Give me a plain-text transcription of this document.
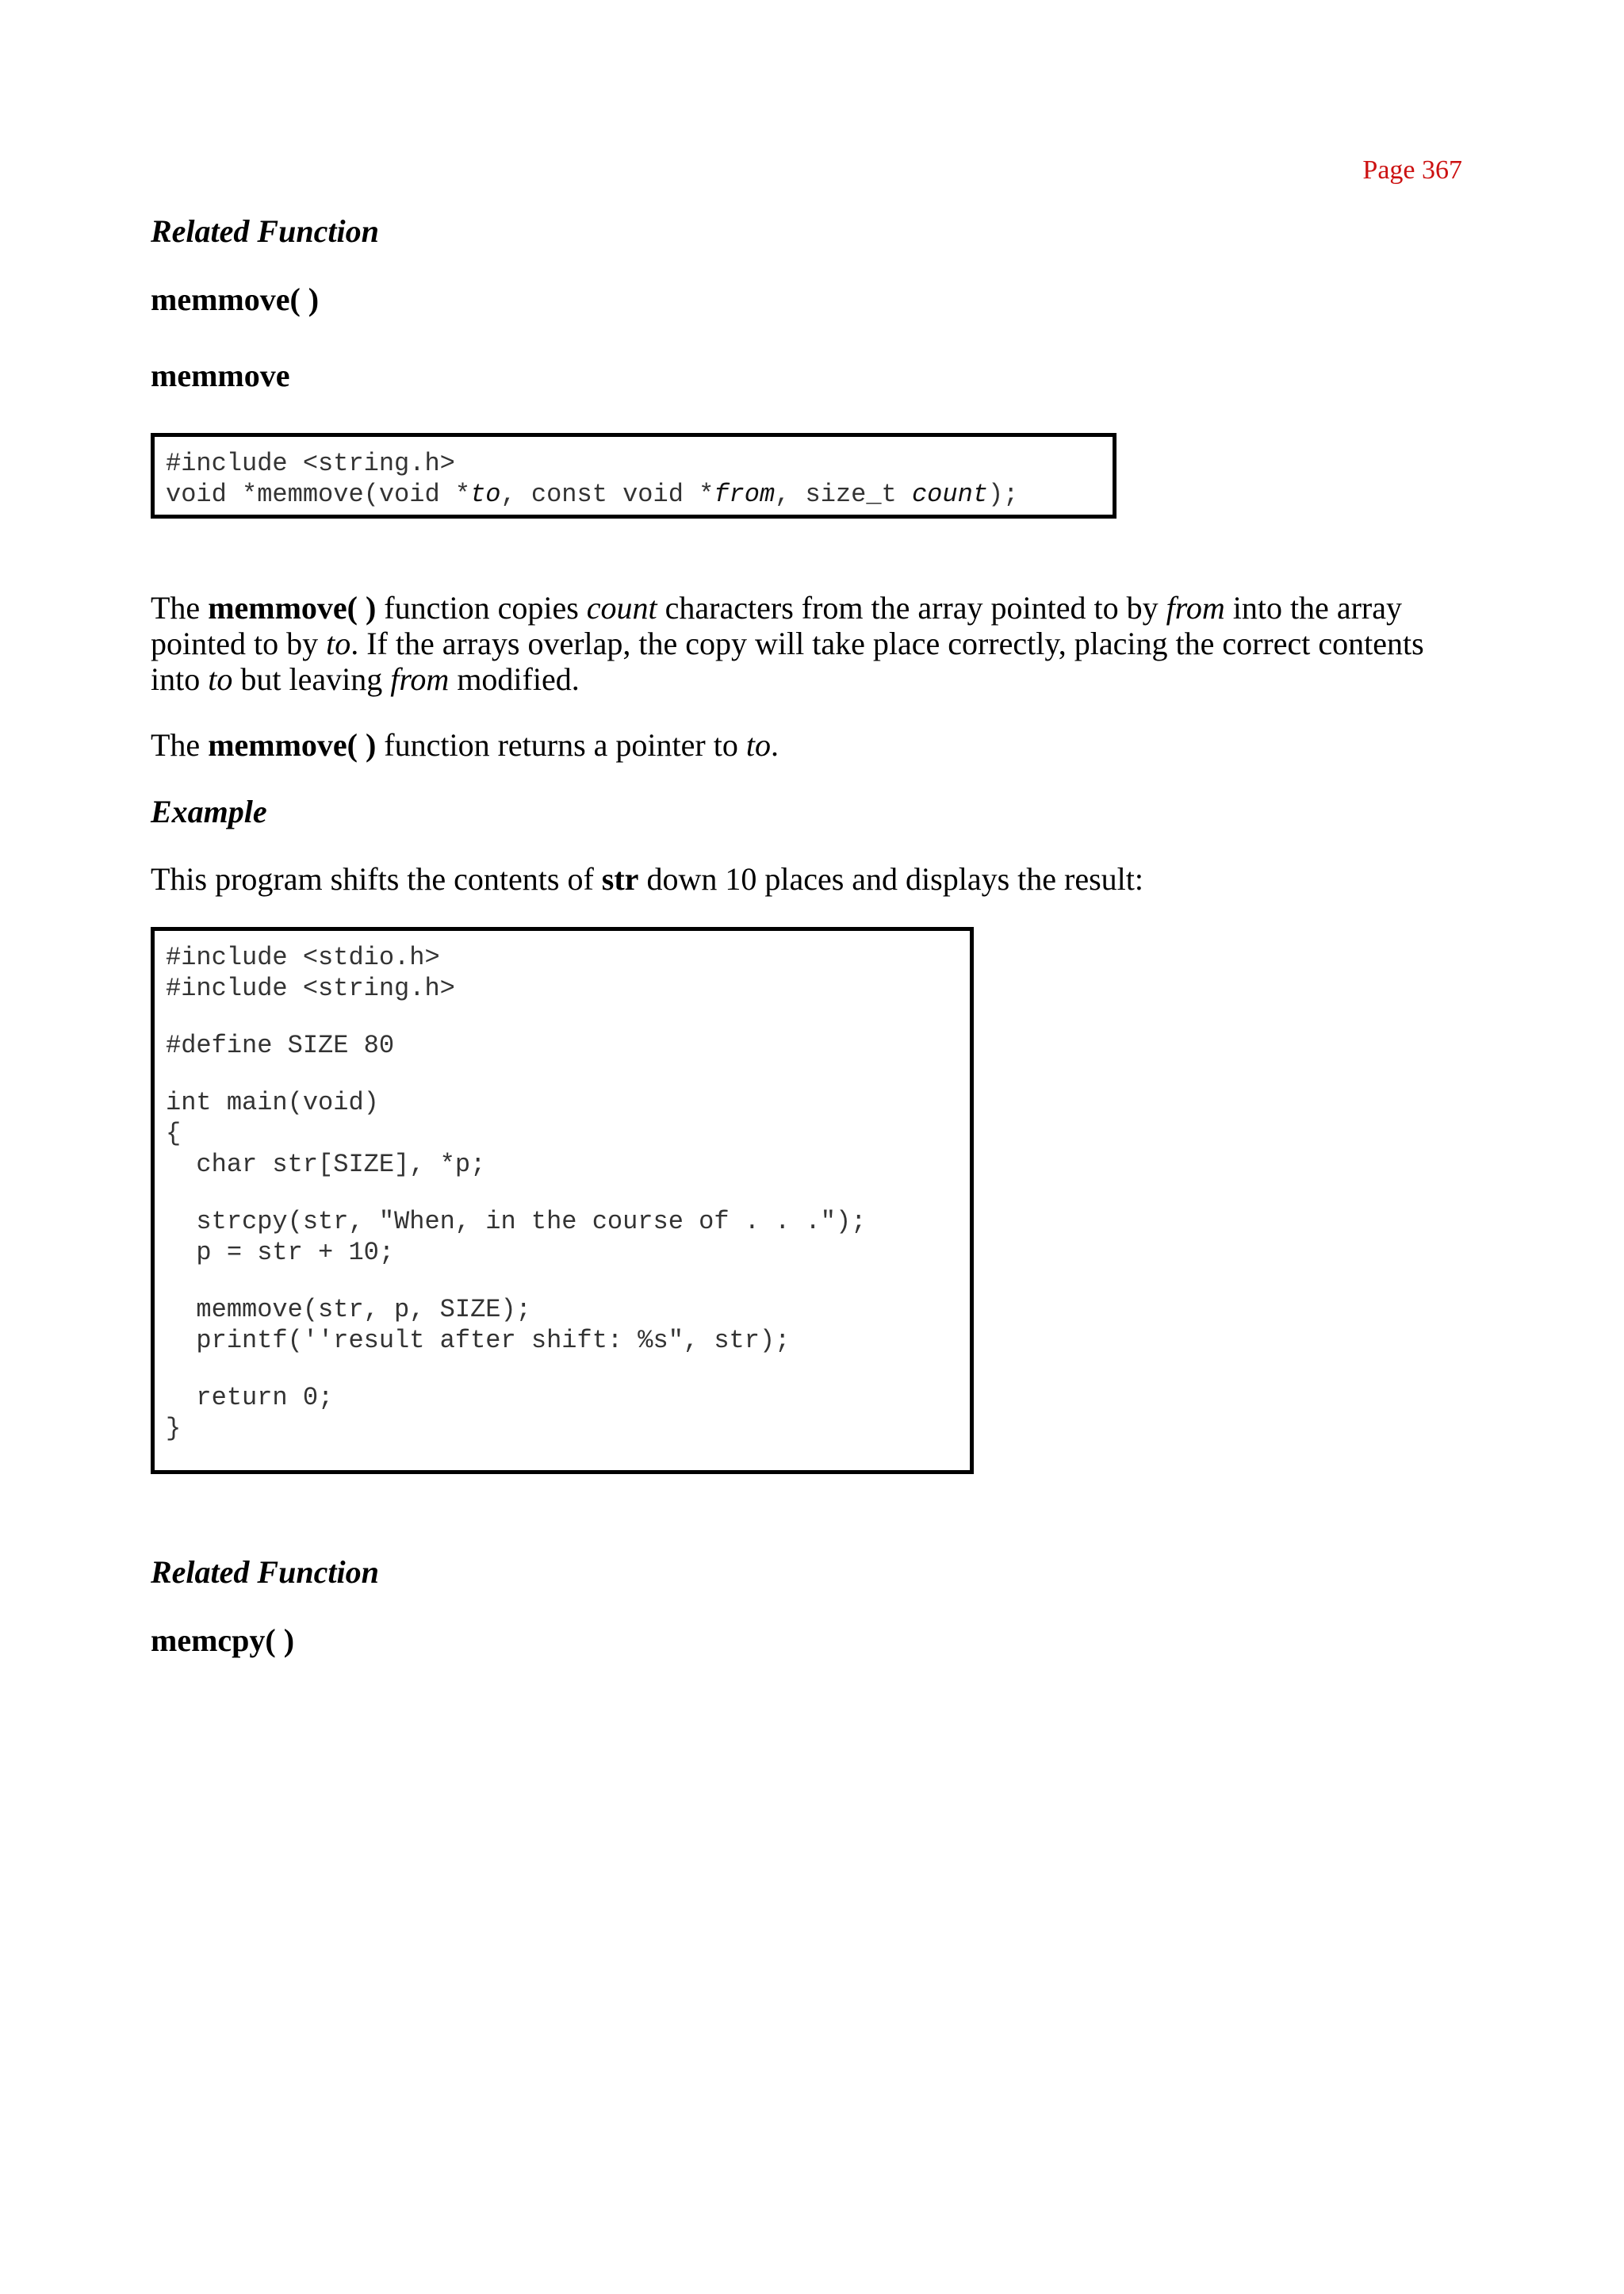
Page 367
Related Function
memmove( )
memmove
#include <string.h>
void *memmove(void *to, const void *from, size_t count);

The memmove( ) function copies count characters from the array pointed to by from into the array pointed to by to. If the arrays overlap, the copy will take place correctly, placing the correct contents into to but leaving from modified.

The memmove( ) function returns a pointer to to.

Example

This program shifts the contents of str down 10 places and displays the result:

#include <stdio.h>
#include <string.h>
#define SIZE 80
int main(void)
{
char str[SIZE], *p;
strcpy(str, "When, in the course of . . .");
p = str + 10;
memmove(str, p, SIZE);
printf(''result after shift: %s", str);
return 0;
}
Related Function
memcpy( )
